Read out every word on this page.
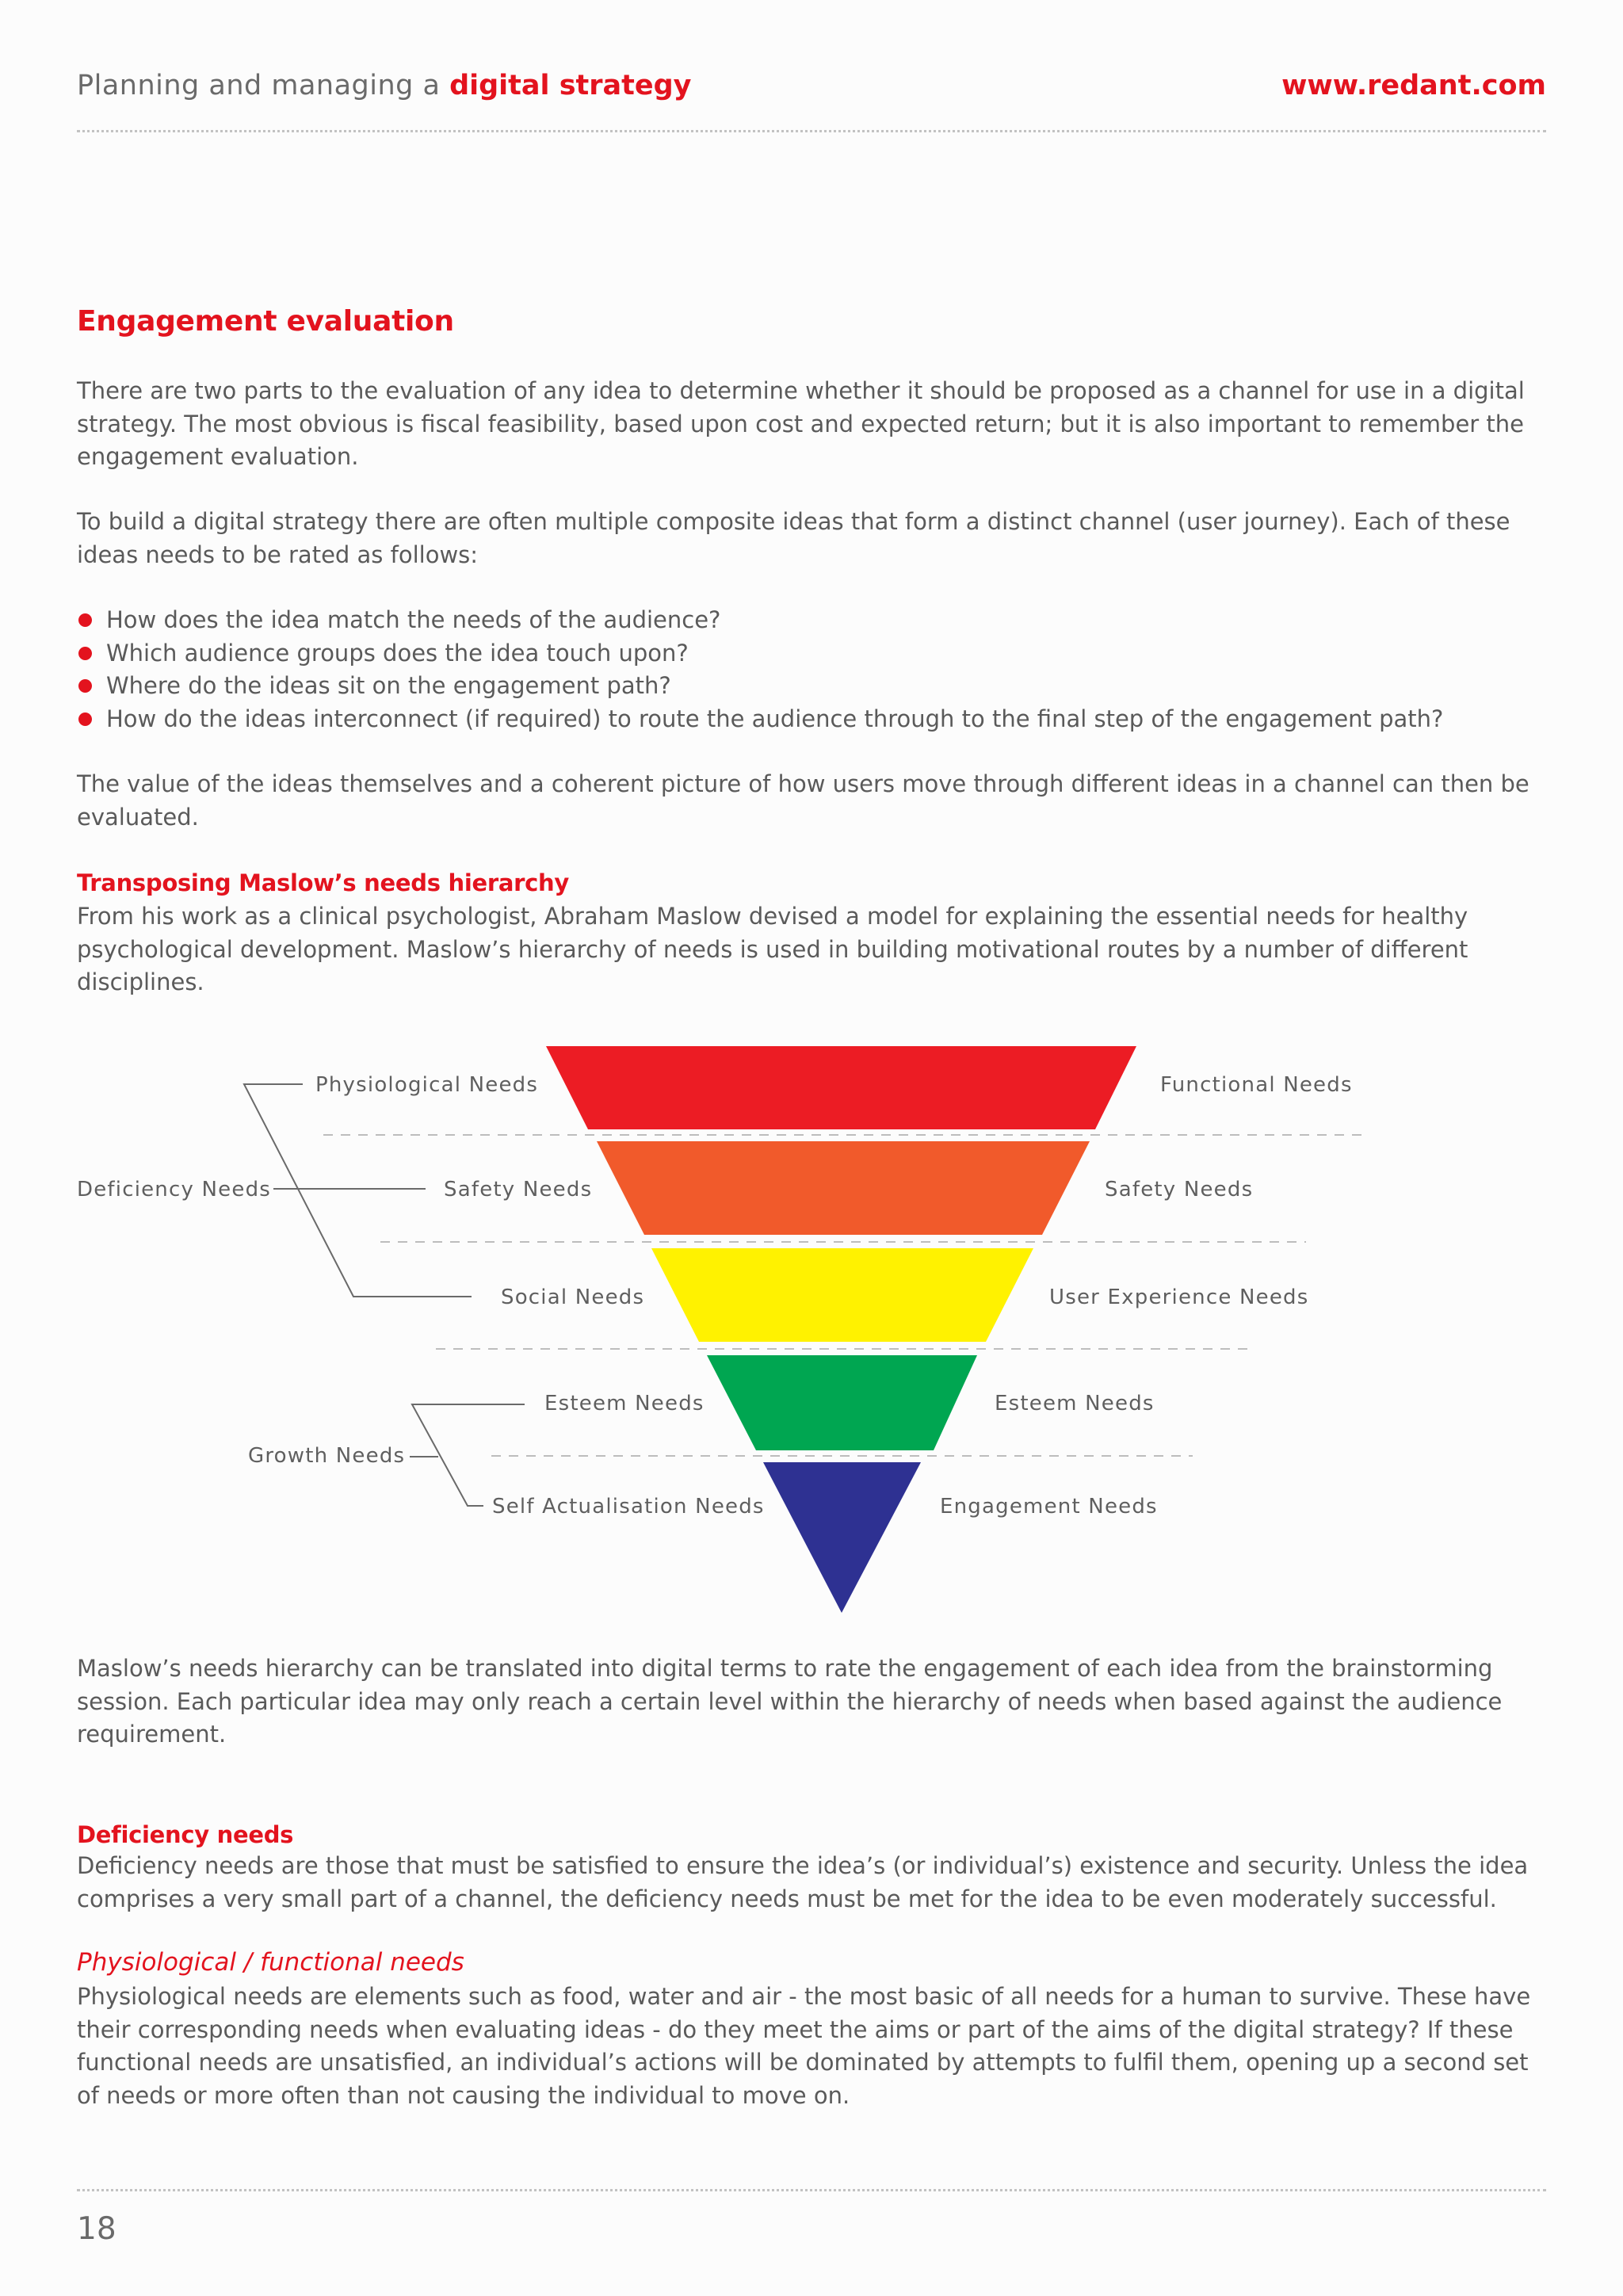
Planning and managing a digital strategy	www.redant.com
Engagement evaluation

There are two parts to the evaluation of any idea to determine whether it should be proposed as a channel for use in a digital strategy. The most obvious is fiscal feasibility, based upon cost and expected return; but it is also important to remember the engagement evaluation.

To build a digital strategy there are often multiple composite ideas that form a distinct channel (user journey). Each of these ideas needs to be rated as follows:

How does the idea match the needs of the audience?
Which audience groups does the idea touch upon?
Where do the ideas sit on the engagement path?
How do the ideas interconnect (if required) to route the audience through to the final step of the engagement path?

The value of the ideas themselves and a coherent picture of how users move through different ideas in a channel can then be evaluated.

Transposing Maslow’s needs hierarchy

From his work as a clinical psychologist, Abraham Maslow devised a model for explaining the essential needs for healthy psychological development. Maslow’s hierarchy of needs is used in building motivational routes by a number of different disciplines.

Deficiency Needs
Growth Needs
Physiological Needs
Safety Needs
Social Needs
Esteem Needs
Self Actualisation Needs
Functional Needs
Safety Needs
User Experience Needs
Esteem Needs
Engagement Needs

Maslow’s needs hierarchy can be translated into digital terms to rate the engagement of each idea from the brainstorming session. Each particular idea may only reach a certain level within the hierarchy of needs when based against the audience requirement.

Deficiency needs

Deficiency needs are those that must be satisfied to ensure the idea’s (or individual’s) existence and security. Unless the idea comprises a very small part of a channel, the deficiency needs must be met for the idea to be even moderately successful.

Physiological / functional needs

Physiological needs are elements such as food, water and air - the most basic of all needs for a human to survive. These have their corresponding needs when evaluating ideas - do they meet the aims or part of the aims of the digital strategy? If these functional needs are unsatisfied, an individual’s actions will be dominated by attempts to fulfil them, opening up a second set of needs or more often than not causing the individual to move on.

18
